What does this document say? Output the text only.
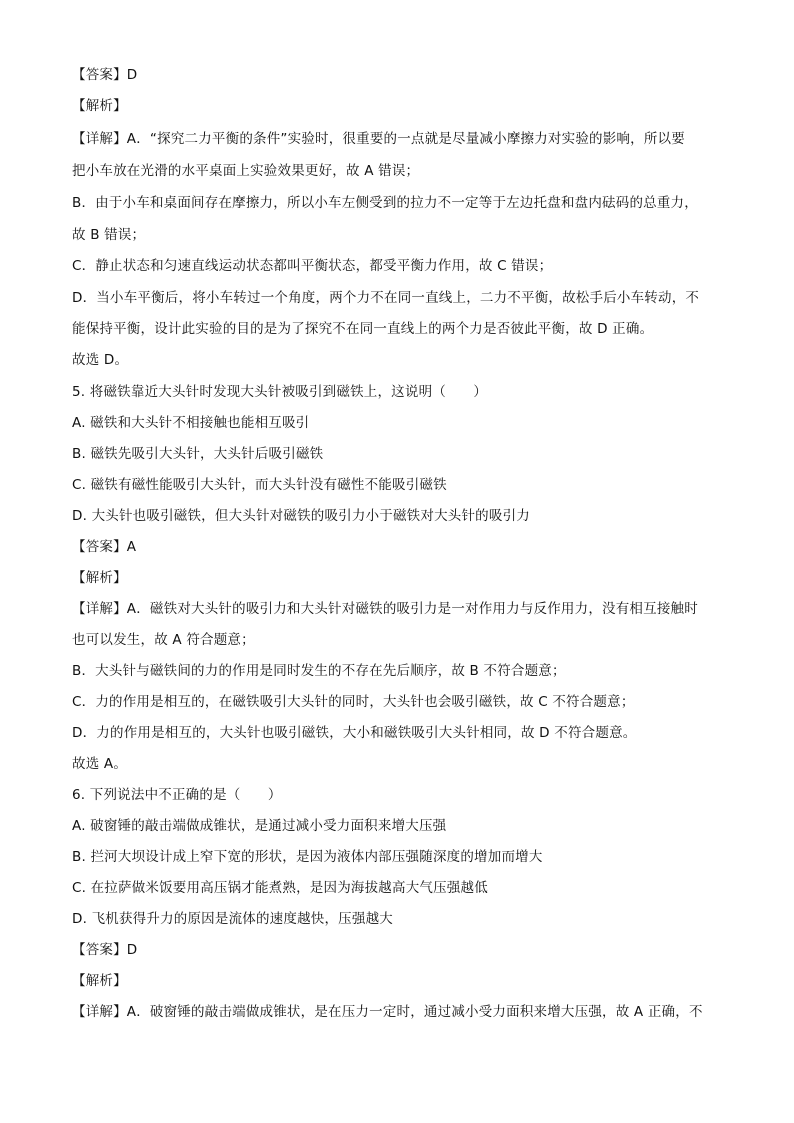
【答案】D
【解析】
【详解】A．“探究二力平衡的条件”实验时，很重要的一点就是尽量减小摩擦力对实验的影响，所以要
把小车放在光滑的水平桌面上实验效果更好，故 A 错误；
B．由于小车和桌面间存在摩擦力，所以小车左侧受到的拉力不一定等于左边托盘和盘内砝码的总重力，
故 B 错误；
C．静止状态和匀速直线运动状态都叫平衡状态，都受平衡力作用，故 C 错误；
D．当小车平衡后，将小车转过一个角度，两个力不在同一直线上，二力不平衡，故松手后小车转动，不
能保持平衡，设计此实验的目的是为了探究不在同一直线上的两个力是否彼此平衡，故 D 正确。
故选 D。
5. 将磁铁靠近大头针时发现大头针被吸引到磁铁上，这说明（　　）
A. 磁铁和大头针不相接触也能相互吸引
B. 磁铁先吸引大头针，大头针后吸引磁铁
C. 磁铁有磁性能吸引大头针，而大头针没有磁性不能吸引磁铁
D. 大头针也吸引磁铁，但大头针对磁铁的吸引力小于磁铁对大头针的吸引力
【答案】A
【解析】
【详解】A．磁铁对大头针的吸引力和大头针对磁铁的吸引力是一对作用力与反作用力，没有相互接触时
也可以发生，故 A 符合题意；
B．大头针与磁铁间的力的作用是同时发生的不存在先后顺序，故 B 不符合题意；
C．力的作用是相互的，在磁铁吸引大头针的同时，大头针也会吸引磁铁，故 C 不符合题意；
D．力的作用是相互的，大头针也吸引磁铁，大小和磁铁吸引大头针相同，故 D 不符合题意。
故选 A。
6. 下列说法中不正确的是（　　）
A. 破窗锤的敲击端做成锥状，是通过减小受力面积来增大压强
B. 拦河大坝设计成上窄下宽的形状，是因为液体内部压强随深度的增加而增大
C. 在拉萨做米饭要用高压锅才能煮熟，是因为海拔越高大气压强越低
D. 飞机获得升力的原因是流体的速度越快，压强越大
【答案】D
【解析】
【详解】A．破窗锤的敲击端做成锥状，是在压力一定时，通过减小受力面积来增大压强，故 A 正确，不
